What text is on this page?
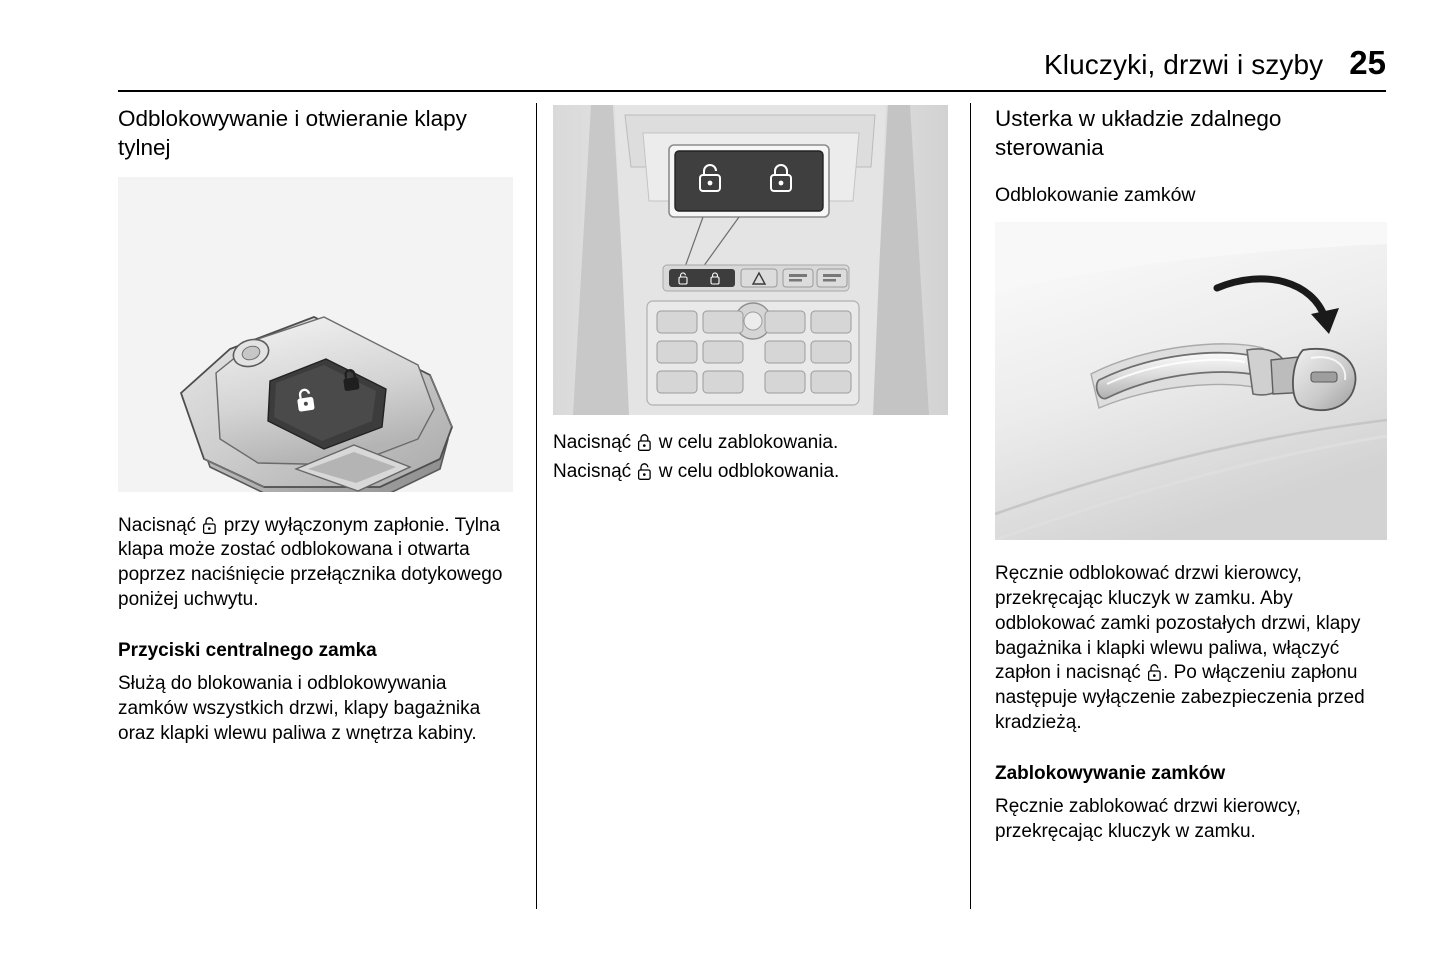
Kluczyki, drzwi i szyby 25
Odblokowywanie i otwieranie klapy tylnej

Nacisnąć przy wyłączonym zapłonie. Tylna klapa może zostać odblokowana i otwarta poprzez naciśnięcie przełącznika dotykowego poniżej uchwytu.

Przyciski centralnego zamka

Służą do blokowania i odblokowywania zamków wszystkich drzwi, klapy bagażnika oraz klapki wlewu paliwa z wnętrza kabiny.

Nacisnąć w celu zablokowania.

Nacisnąć w celu odblokowania.

Usterka w układzie zdalnego sterowania
Odblokowanie zamków

Ręcznie odblokować drzwi kierowcy, przekręcając kluczyk w zamku. Aby odblokować zamki pozostałych drzwi, klapy bagażnika i klapki wlewu paliwa, włączyć zapłon i nacisnąć . Po włączeniu zapłonu następuje wyłączenie zabezpieczenia przed kradzieżą.

Zablokowywanie zamków

Ręcznie zablokować drzwi kierowcy, przekręcając kluczyk w zamku.
